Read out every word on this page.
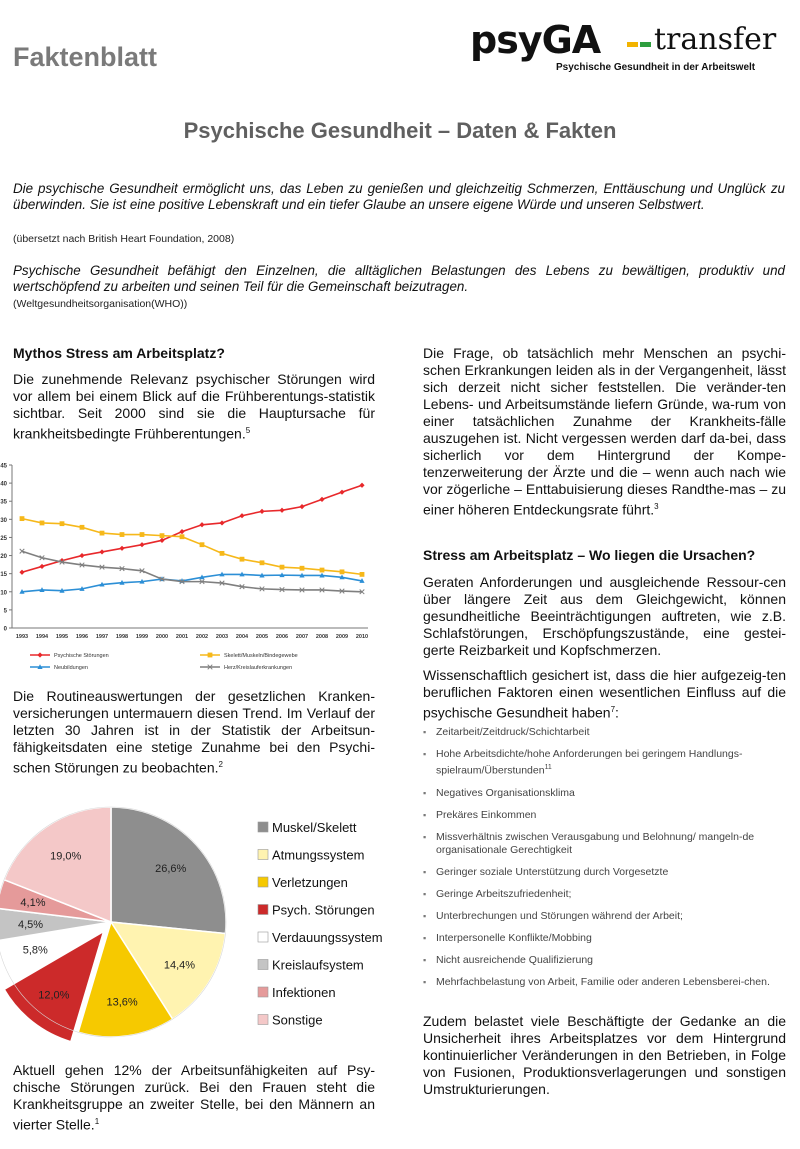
Faktenblatt	psyGA transfer
Psychische Gesundheit in der Arbeitswelt
Psychische Gesundheit – Daten & Fakten
Die psychische Gesundheit ermöglicht uns, das Leben zu genießen und gleichzeitig Schmerzen, Enttäuschung und Unglück zu überwinden. Sie ist eine positive Lebenskraft und ein tiefer Glaube an unsere eigene Würde und unseren Selbstwert.
(übersetzt nach British Heart Foundation, 2008)
Psychische Gesundheit befähigt den Einzelnen, die alltäglichen Belastungen des Lebens zu bewältigen, produktiv und wertschöpfend zu arbeiten und seinen Teil für die Gemeinschaft beizutragen.
(Weltgesundheitsorganisation(WHO))
Mythos Stress am Arbeitsplatz?
Die zunehmende Relevanz psychischer Störungen wird vor allem bei einem Blick auf die Frühberentungs-statistik sichtbar. Seit 2000 sind sie die Hauptursache für krankheitsbedingte Frühberentungen.$^5$
0
5
10
15
20
25
30
35
40
45
1993 1994 1995 1996 1997 1998 1999 2000 2001 2002 2003 2004 2005 2006 2007 2008 2009 2010
Psychische Störungen	Skelett/Muskeln/Bindegewebe
Neubildungen	Herz/Kreislauferkrankungen
Die Routineauswertungen der gesetzlichen Kranken-versicherungen untermauern diesen Trend. Im Verlauf der letzten 30 Jahren ist in der Statistik der Arbeitsun-fähigkeitsdaten eine stetige Zunahme bei den Psychi-schen Störungen zu beobachten.$^2$
26,6%
14,4%
13,6%
12,0%
5,8%
4,5%
4,1%
19,0%
Muskel/Skelett
Atmungssystem
Verletzungen
Psych. Störungen
Verdauungssystem
Kreislaufsystem
Infektionen
Sonstige
Aktuell gehen 12% der Arbeitsunfähigkeiten auf Psy-chische Störungen zurück. Bei den Frauen steht die Krankheitsgruppe an zweiter Stelle, bei den Männern an vierter Stelle.$^1$
Die Frage, ob tatsächlich mehr Menschen an psychi-schen Erkrankungen leiden als in der Vergangenheit, lässt sich derzeit nicht sicher feststellen. Die veränder-ten Lebens- und Arbeitsumstände liefern Gründe, wa-rum von einer tatsächlichen Zunahme der Krankheits-fälle auszugehen ist. Nicht vergessen werden darf da-bei, dass sicherlich vor dem Hintergrund der Kompe-tenzerweiterung der Ärzte und die – wenn auch nach wie vor zögerliche – Enttabuisierung dieses Randthe-mas – zu einer höheren Entdeckungsrate führt.$^3$
Stress am Arbeitsplatz – Wo liegen die Ursachen?
Geraten Anforderungen und ausgleichende Ressour-cen über längere Zeit aus dem Gleichgewicht, können gesundheitliche Beeinträchtigungen auftreten, wie z.B. Schlafstörungen, Erschöpfungszustände, eine gestei-gerte Reizbarkeit und Kopfschmerzen.
Wissenschaftlich gesichert ist, dass die hier aufgezeig-ten beruflichen Faktoren einen wesentlichen Einfluss auf die psychische Gesundheit haben$^7$:
▪ Zeitarbeit/Zeitdruck/Schichtarbeit
▪ Hohe Arbeitsdichte/hohe Anforderungen bei geringem Handlungs-spielraum/Überstunden$^{11}$
▪ Negatives Organisationsklima
▪ Prekäres Einkommen
▪ Missverhältnis zwischen Verausgabung und Belohnung/ mangeln-de organisationale Gerechtigkeit
▪ Geringer soziale Unterstützung durch Vorgesetzte
▪ Geringe Arbeitszufriedenheit;
▪ Unterbrechungen und Störungen während der Arbeit;
▪ Interpersonelle Konflikte/Mobbing
▪ Nicht ausreichende Qualifizierung
▪ Mehrfachbelastung von Arbeit, Familie oder anderen Lebensberei-chen.
Zudem belastet viele Beschäftigte der Gedanke an die Unsicherheit ihres Arbeitsplatzes vor dem Hintergrund kontinuierlicher Veränderungen in den Betrieben, in Folge von Fusionen, Produktionsverlagerungen und sonstigen Umstrukturierungen.
